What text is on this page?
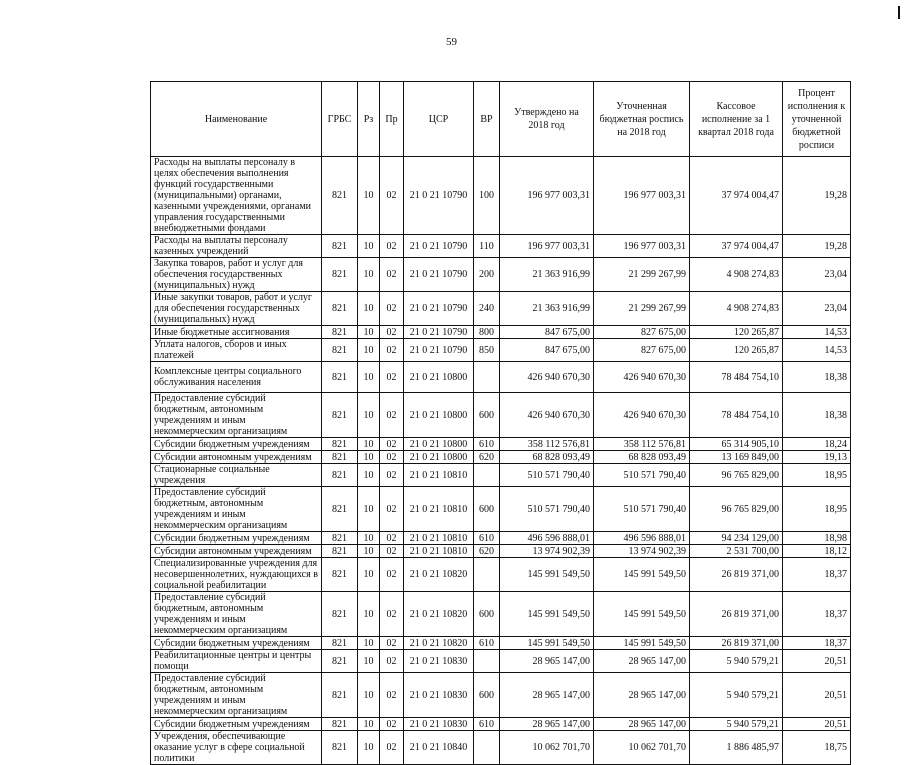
59
Наименование	ГРБС	Рз	Пр	ЦСР	ВР	Утверждено на 2018 год	Уточненная бюджетная роспись на 2018 год	Кассовое исполнение за 1 квартал 2018 года	Процент исполнения к уточненной бюджетной росписи
Расходы на выплаты персоналу в целях обеспечения выполнения функций государственными (муниципальными) органами, казенными учреждениями, органами управления государственными внебюджетными фондами	821	10	02	21 0 21 10790	100	196 977 003,31	196 977 003,31	37 974 004,47	19,28
Расходы на выплаты персоналу казенных учреждений	821	10	02	21 0 21 10790	110	196 977 003,31	196 977 003,31	37 974 004,47	19,28
Закупка товаров, работ и услуг для обеспечения государственных (муниципальных) нужд	821	10	02	21 0 21 10790	200	21 363 916,99	21 299 267,99	4 908 274,83	23,04
Иные закупки товаров, работ и услуг для обеспечения государственных (муниципальных) нужд	821	10	02	21 0 21 10790	240	21 363 916,99	21 299 267,99	4 908 274,83	23,04
Иные бюджетные ассигнования	821	10	02	21 0 21 10790	800	847 675,00	827 675,00	120 265,87	14,53
Уплата налогов, сборов и иных платежей	821	10	02	21 0 21 10790	850	847 675,00	827 675,00	120 265,87	14,53
Комплексные центры социального обслуживания населения	821	10	02	21 0 21 10800		426 940 670,30	426 940 670,30	78 484 754,10	18,38
Предоставление субсидий бюджетным, автономным учреждениям и иным некоммерческим организациям	821	10	02	21 0 21 10800	600	426 940 670,30	426 940 670,30	78 484 754,10	18,38
Субсидии бюджетным учреждениям	821	10	02	21 0 21 10800	610	358 112 576,81	358 112 576,81	65 314 905,10	18,24
Субсидии автономным учреждениям	821	10	02	21 0 21 10800	620	68 828 093,49	68 828 093,49	13 169 849,00	19,13
Стационарные социальные учреждения	821	10	02	21 0 21 10810		510 571 790,40	510 571 790,40	96 765 829,00	18,95
Предоставление субсидий бюджетным, автономным учреждениям и иным некоммерческим организациям	821	10	02	21 0 21 10810	600	510 571 790,40	510 571 790,40	96 765 829,00	18,95
Субсидии бюджетным учреждениям	821	10	02	21 0 21 10810	610	496 596 888,01	496 596 888,01	94 234 129,00	18,98
Субсидии автономным учреждениям	821	10	02	21 0 21 10810	620	13 974 902,39	13 974 902,39	2 531 700,00	18,12
Специализированные учреждения для несовершеннолетних, нуждающихся в социальной реабилитации	821	10	02	21 0 21 10820		145 991 549,50	145 991 549,50	26 819 371,00	18,37
Предоставление субсидий бюджетным, автономным учреждениям и иным некоммерческим организациям	821	10	02	21 0 21 10820	600	145 991 549,50	145 991 549,50	26 819 371,00	18,37
Субсидии бюджетным учреждениям	821	10	02	21 0 21 10820	610	145 991 549,50	145 991 549,50	26 819 371,00	18,37
Реабилитационные центры и центры помощи	821	10	02	21 0 21 10830		28 965 147,00	28 965 147,00	5 940 579,21	20,51
Предоставление субсидий бюджетным, автономным учреждениям и иным некоммерческим организациям	821	10	02	21 0 21 10830	600	28 965 147,00	28 965 147,00	5 940 579,21	20,51
Субсидии бюджетным учреждениям	821	10	02	21 0 21 10830	610	28 965 147,00	28 965 147,00	5 940 579,21	20,51
Учреждения, обеспечивающие оказание услуг в сфере социальной политики	821	10	02	21 0 21 10840		10 062 701,70	10 062 701,70	1 886 485,97	18,75
